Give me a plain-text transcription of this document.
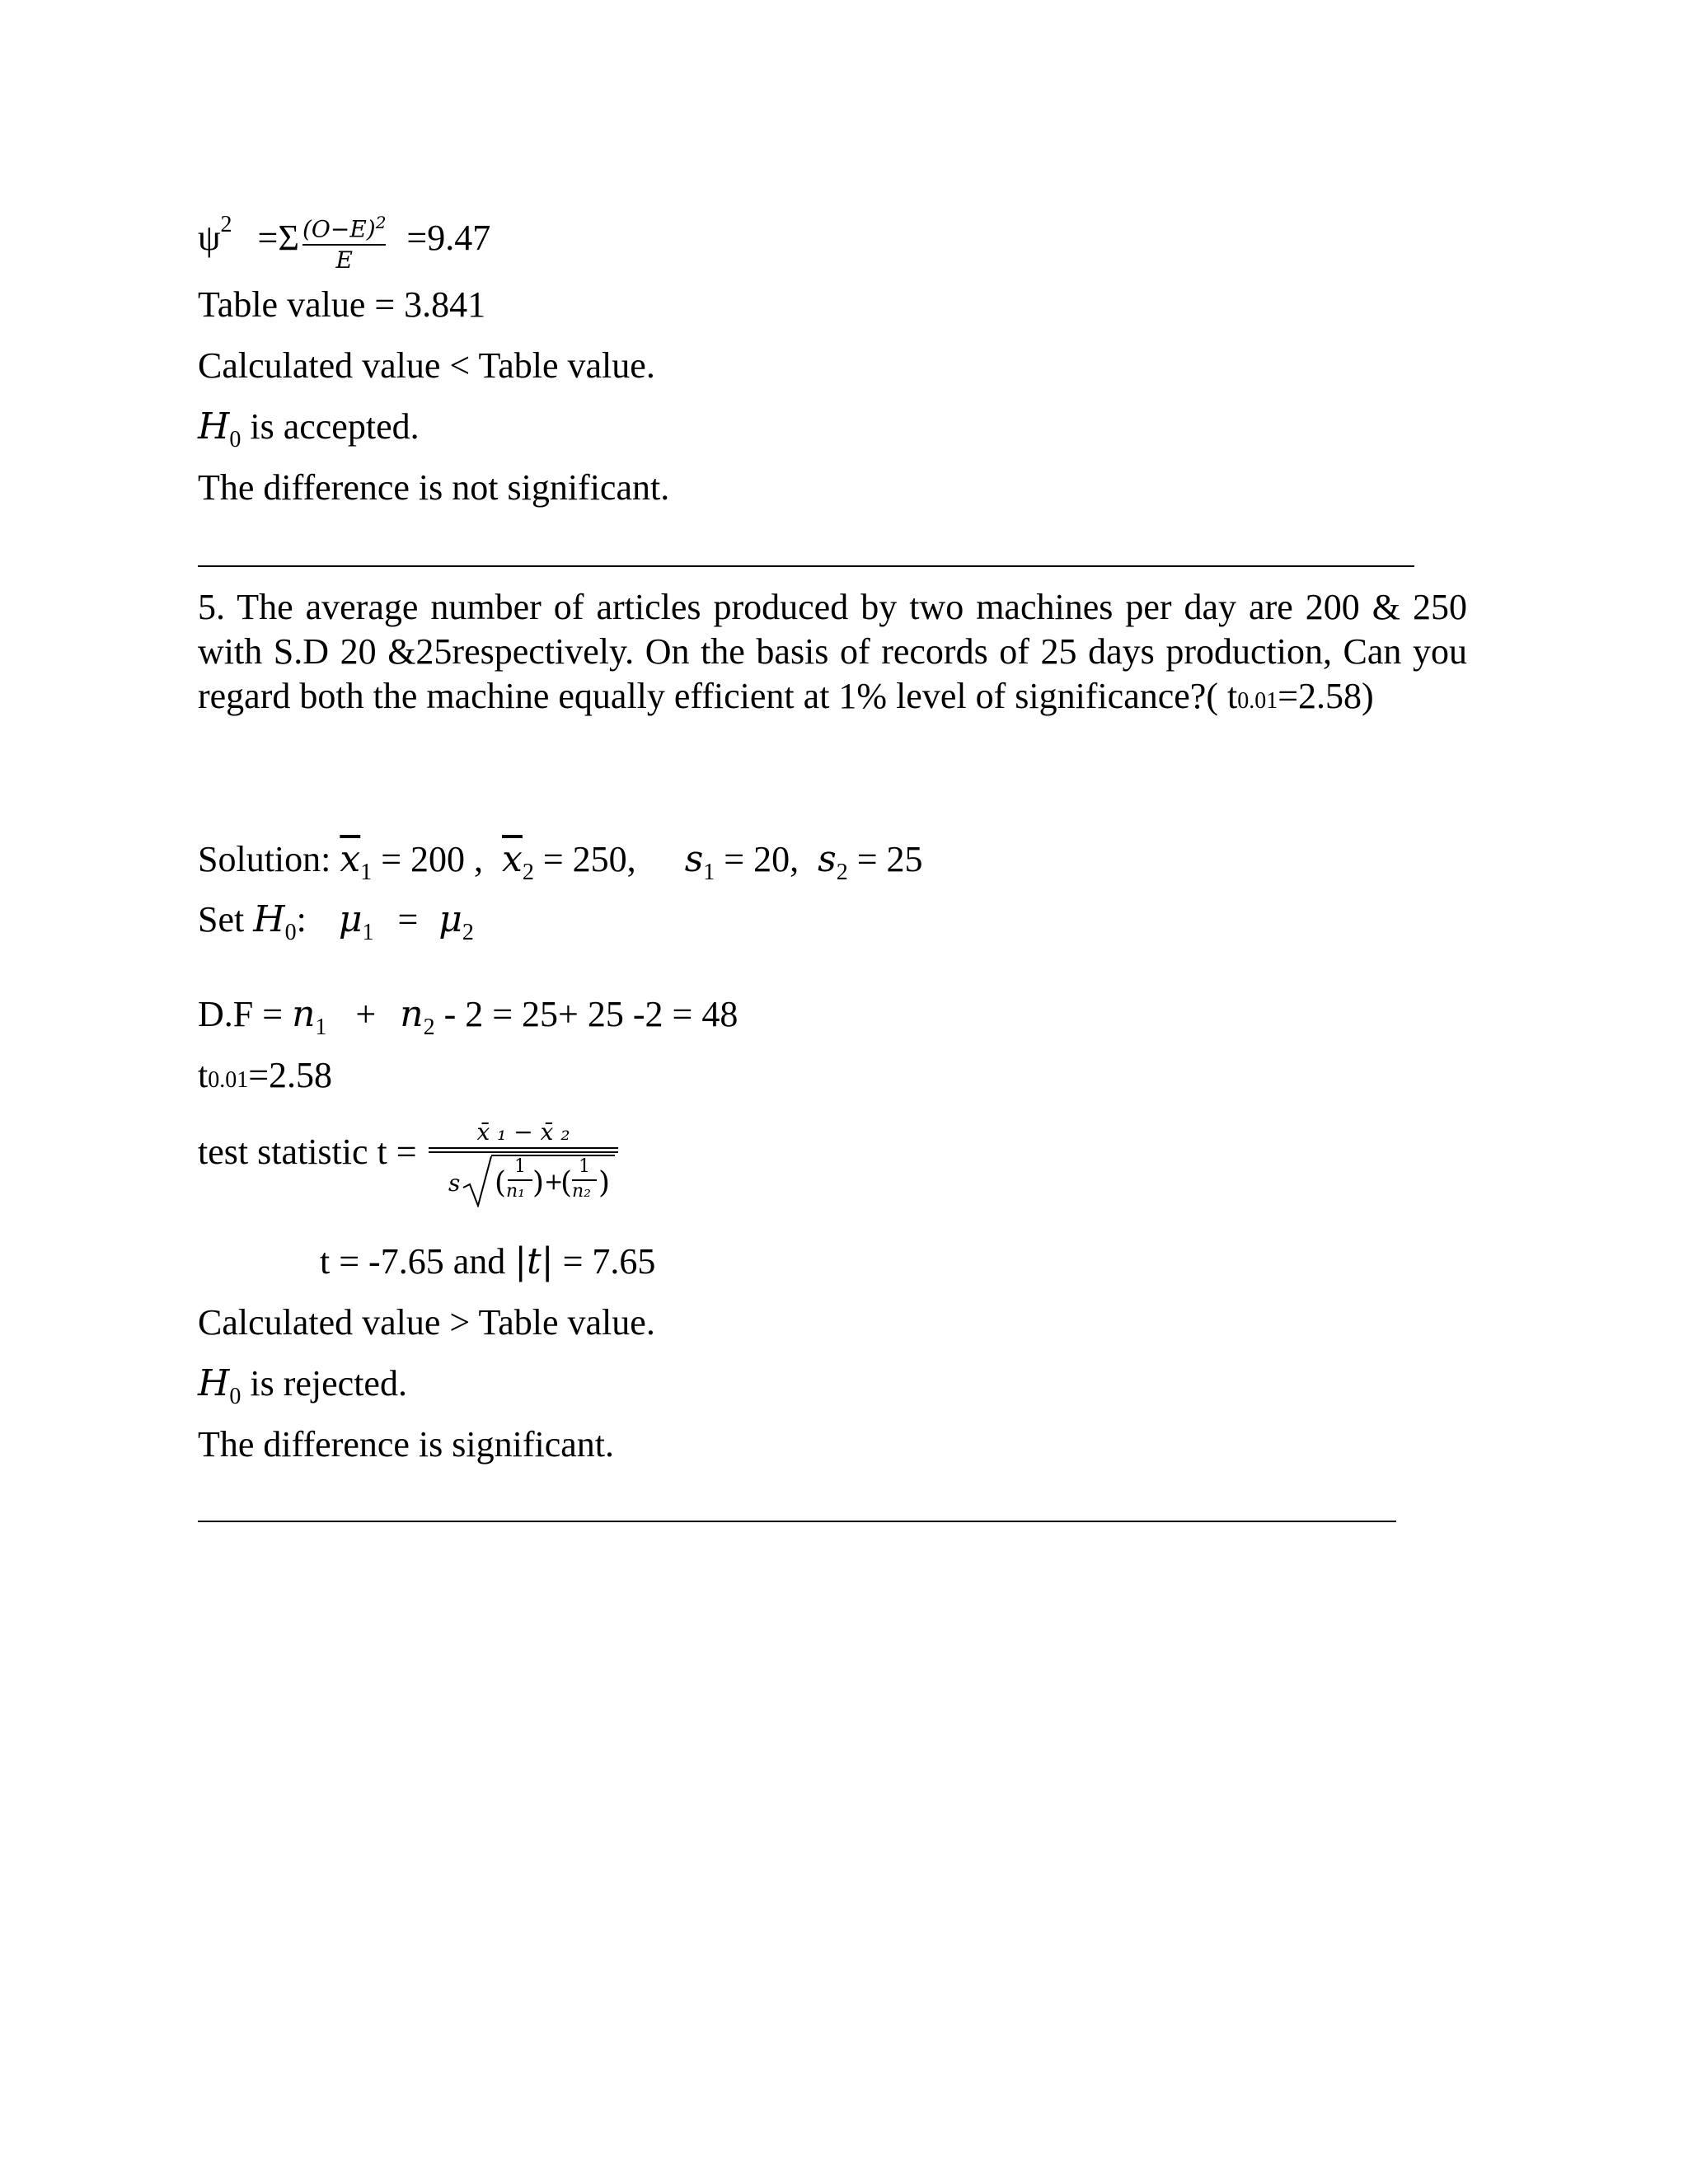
$\psi^2 =\Sigma \frac{(O-E)^2}{E} =9.47$
Table value = 3.841
Calculated value < Table value.
$H_0$ is accepted.
The difference is not significant.
5. The average number of articles produced by two machines per day are 200 & 250 with S.D 20 &25respectively. On the basis of records of 25 days production, Can you regard both the machine equally efficient at 1% level of significance?( t0.01=2.58)
Solution: $\overline{x}_1 = 200$ , $\overline{x}_2 = 250$, $s_1 = 20$, $s_2 = 25$
Set $H_0$: $\mu_1 = \mu_2$
$D.F = n_1 + n_2 - 2 = 25+ 25$ -2 = 48
t0.01=2.58
test statistic t =	x̄ ₁ − x̄ ₂
s ( 1
n₁ ) +
( 1
n₂ )
t = -7.65 and |t| = 7.65
Calculated value > Table value.
$H_0$ is rejected.
The difference is significant.
